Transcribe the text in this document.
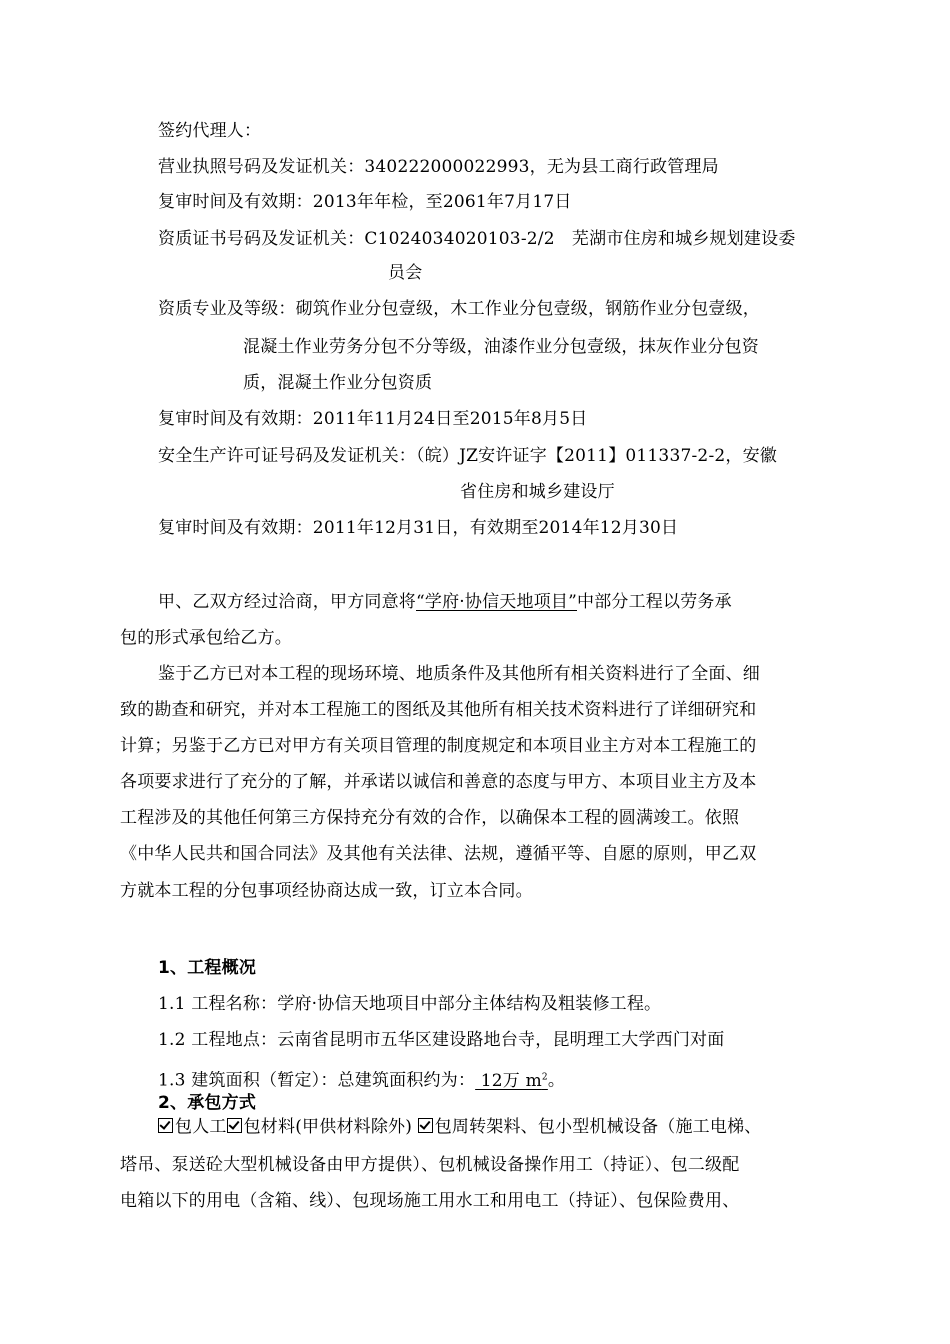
签约代理人：
营业执照号码及发证机关：340222000022993，无为县工商行政管理局
复审时间及有效期：2013年年检，至2061年7月17日
资质证书号码及发证机关：C1024034020103-2/2　芜湖市住房和城乡规划建设委
员会
资质专业及等级：砌筑作业分包壹级，木工作业分包壹级，钢筋作业分包壹级，
混凝土作业劳务分包不分等级，油漆作业分包壹级，抹灰作业分包资
质，混凝土作业分包资质
复审时间及有效期：2011年11月24日至2015年8月5日
安全生产许可证号码及发证机关：（皖）JZ安许证字【2011】011337-2-2，安徽
省住房和城乡建设厅
复审时间及有效期：2011年12月31日，有效期至2014年12月30日
甲、乙双方经过洽商，甲方同意将“学府·协信天地项目”中部分工程以劳务承
包的形式承包给乙方。
鉴于乙方已对本工程的现场环境、地质条件及其他所有相关资料进行了全面、细
致的勘查和研究，并对本工程施工的图纸及其他所有相关技术资料进行了详细研究和
计算；另鉴于乙方已对甲方有关项目管理的制度规定和本项目业主方对本工程施工的
各项要求进行了充分的了解，并承诺以诚信和善意的态度与甲方、本项目业主方及本
工程涉及的其他任何第三方保持充分有效的合作，以确保本工程的圆满竣工。依照
《中华人民共和国合同法》及其他有关法律、法规，遵循平等、自愿的原则，甲乙双
方就本工程的分包事项经协商达成一致，订立本合同。
1、工程概况
1.1 工程名称：学府·协信天地项目中部分主体结构及粗装修工程。
1.2 工程地点：云南省昆明市五华区建设路地台寺，昆明理工大学西门对面
1.3 建筑面积（暂定）：总建筑面积约为： 12万 $m^2$。
2、承包方式
包人工 包材料(甲供材料除外) 包周转架料、包小型机械设备（施工电梯、
塔吊、泵送砼大型机械设备由甲方提供）、包机械设备操作用工（持证）、包二级配
电箱以下的用电（含箱、线）、包现场施工用水工和用电工（持证）、包保险费用、
